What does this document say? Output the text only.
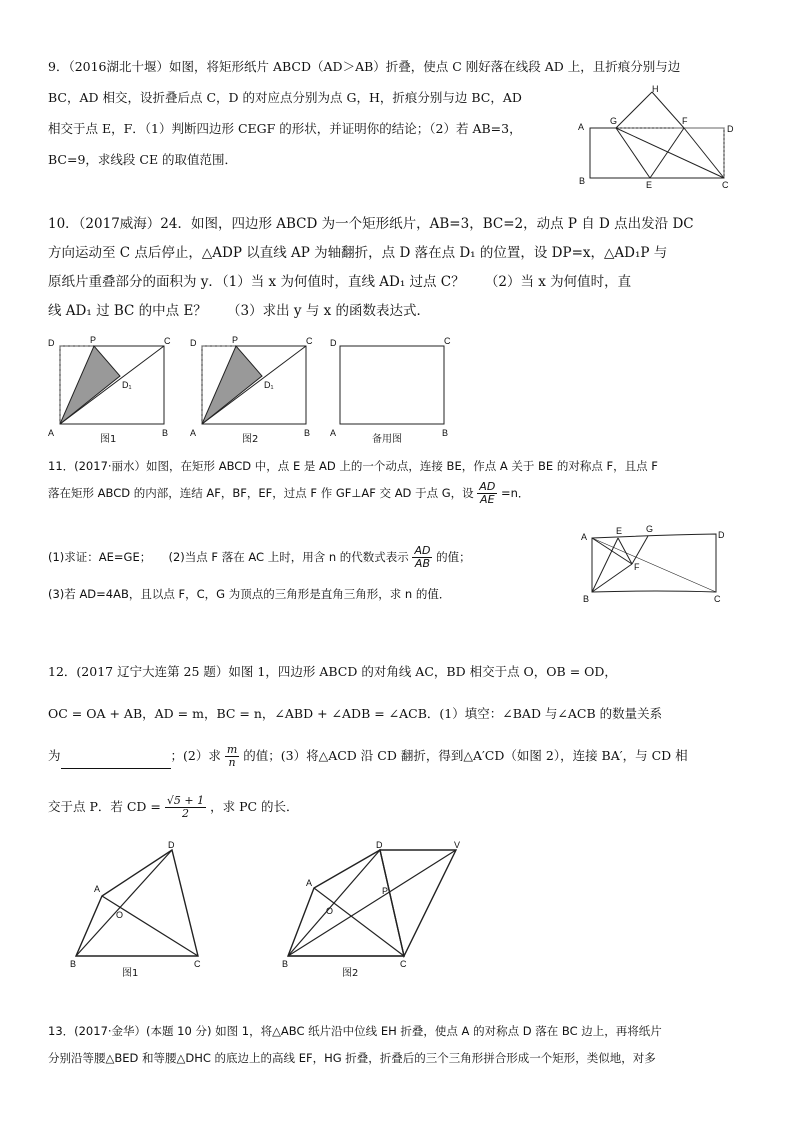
9．（2016湖北十堰）如图，将矩形纸片 ABCD（AD＞AB）折叠，使点 C 刚好落在线段 AD 上，且折痕分别与边
BC，AD 相交，设折叠后点 C，D 的对应点分别为点 G，H，折痕分别与边 BC，AD
相交于点 E，F．（1）判断四边形 CEGF 的形状，并证明你的结论；（2）若 AB=3，
BC=9，求线段 CE 的取值范围．
H
G	F
A	D
B	E	C
10．（2017威海）24．如图，四边形 ABCD 为一个矩形纸片，AB=3，BC=2，动点 P 自 D 点出发沿 DC
方向运动至 C 点后停止，△ADP 以直线 AP 为轴翻折，点 D 落在点 D₁ 的位置，设 DP=x，△AD₁P 与
原纸片重叠部分的面积为 y．（1）当 x 为何值时，直线 AD₁ 过点 C？　　（2）当 x 为何值时，直
线 AD₁ 过 BC 的中点 E？　　（3）求出 y 与 x 的函数表达式．
D	P	C
D₁
A	B
图1
D	P	C
D₁
A	B
图2
D	C
A	B
备用图
11．(2017·丽水）如图，在矩形 ABCD 中，点 E 是 AD 上的一个动点，连接 BE，作点 A 关于 BE 的对称点 F，且点 F
落在矩形 ABCD 的内部，连结 AF，BF，EF，过点 F 作 GF⊥AF 交 AD 于点 G，设 $\frac{AD}{AE} =n$．
(1)求证：AE=GE；　　(2)当点 F 落在 AC 上时，用含 n 的代数式表示 $\frac{AD}{AB}$ 的值；
(3)若 AD=4AB，且以点 F，C，G 为顶点的三角形是直角三角形，求 n 的值．
A
E	G
D
F
B	C
12．(2017 辽宁大连第 25 题）如图 1，四边形 ABCD 的对角线 AC，BD 相交于点 O，OB = OD，
OC = OA + AB，AD = m，BC = n，∠ABD + ∠ADB = ∠ACB．(1）填空：∠BAD 与∠ACB 的数量关系
为	；(2）求 $\frac{m}{n}$ 的值；(3）将△ACD 沿 CD 翻折，得到△A′CD（如图 2），连接 BA′，与 CD 相
交于点 P．若 CD = $\frac{√5 + 1}{2}$ ，求 PC 的长．
D
A
O
B	C
图1
D	V
A
O
P
B	C
图2
13．(2017·金华）(本题 10 分) 如图 1，将△ABC 纸片沿中位线 EH 折叠，使点 A 的对称点 D 落在 BC 边上，再将纸片
分别沿等腰△BED 和等腰△DHC 的底边上的高线 EF，HG 折叠，折叠后的三个三角形拼合形成一个矩形，类似地，对多
